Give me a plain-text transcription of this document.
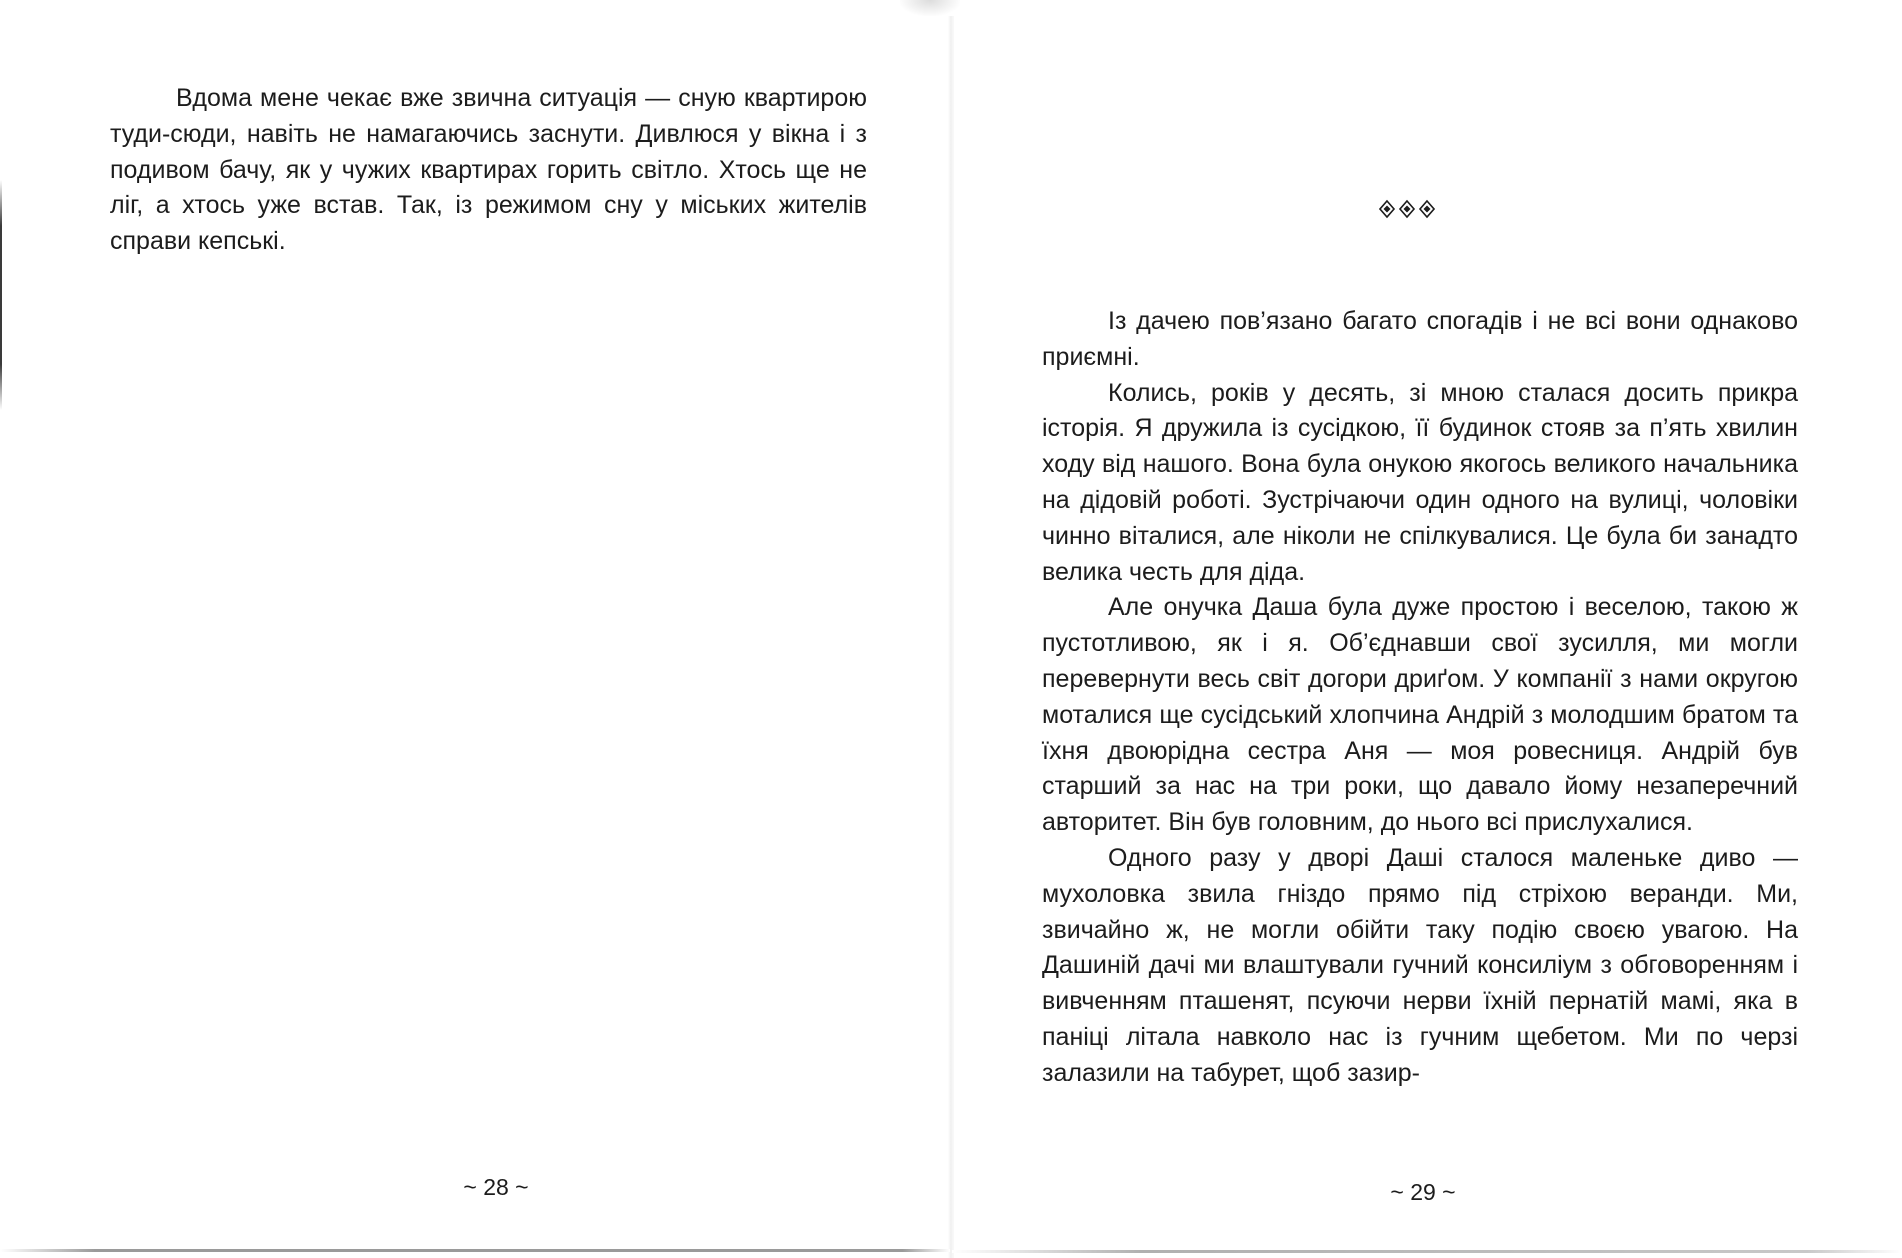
Вдома мене чекає вже звична ситуація — сную квартирою туди-сюди, навіть не намагаючись заснути. Дивлюся у вікна і з подивом бачу, як у чужих квартирах горить світло. Хтось ще не ліг, а хтось уже встав. Так, із режимом сну у міських жителів справи кепські.

~ 28 ~

Із дачею пов’язано багато спогадів і не всі вони однаково приємні.

Колись, років у десять, зі мною сталася досить прикра історія. Я дружила із сусідкою, її будинок стояв за п’ять хвилин ходу від нашого. Вона була онукою якогось великого начальника на дідовій роботі. Зустрічаючи один одного на вулиці, чоловіки чинно віталися, але ніколи не спілкувалися. Це була би занадто велика честь для діда.

Але онучка Даша була дуже простою і веселою, такою ж пустотливою, як і я. Об’єднавши свої зусилля, ми могли перевернути весь світ догори дриґом. У компанії з нами округою моталися ще сусідський хлопчина Андрій з молодшим братом та їхня двоюрідна сестра Аня — моя ровесниця. Андрій був старший за нас на три роки, що давало йому незаперечний авторитет. Він був головним, до нього всі прислухалися.

Одного разу у дворі Даші сталося маленьке диво — мухоловка звила гніздо прямо під стріхою веранди. Ми, звичайно ж, не могли обійти таку подію своєю увагою. На Дашиній дачі ми влаштували гучний консиліум з обговоренням і вивченням пташенят, псуючи нерви їхній пернатій мамі, яка в паніці літала навколо нас із гучним щебетом. Ми по черзі залазили на табурет, щоб зазир-

~ 29 ~
